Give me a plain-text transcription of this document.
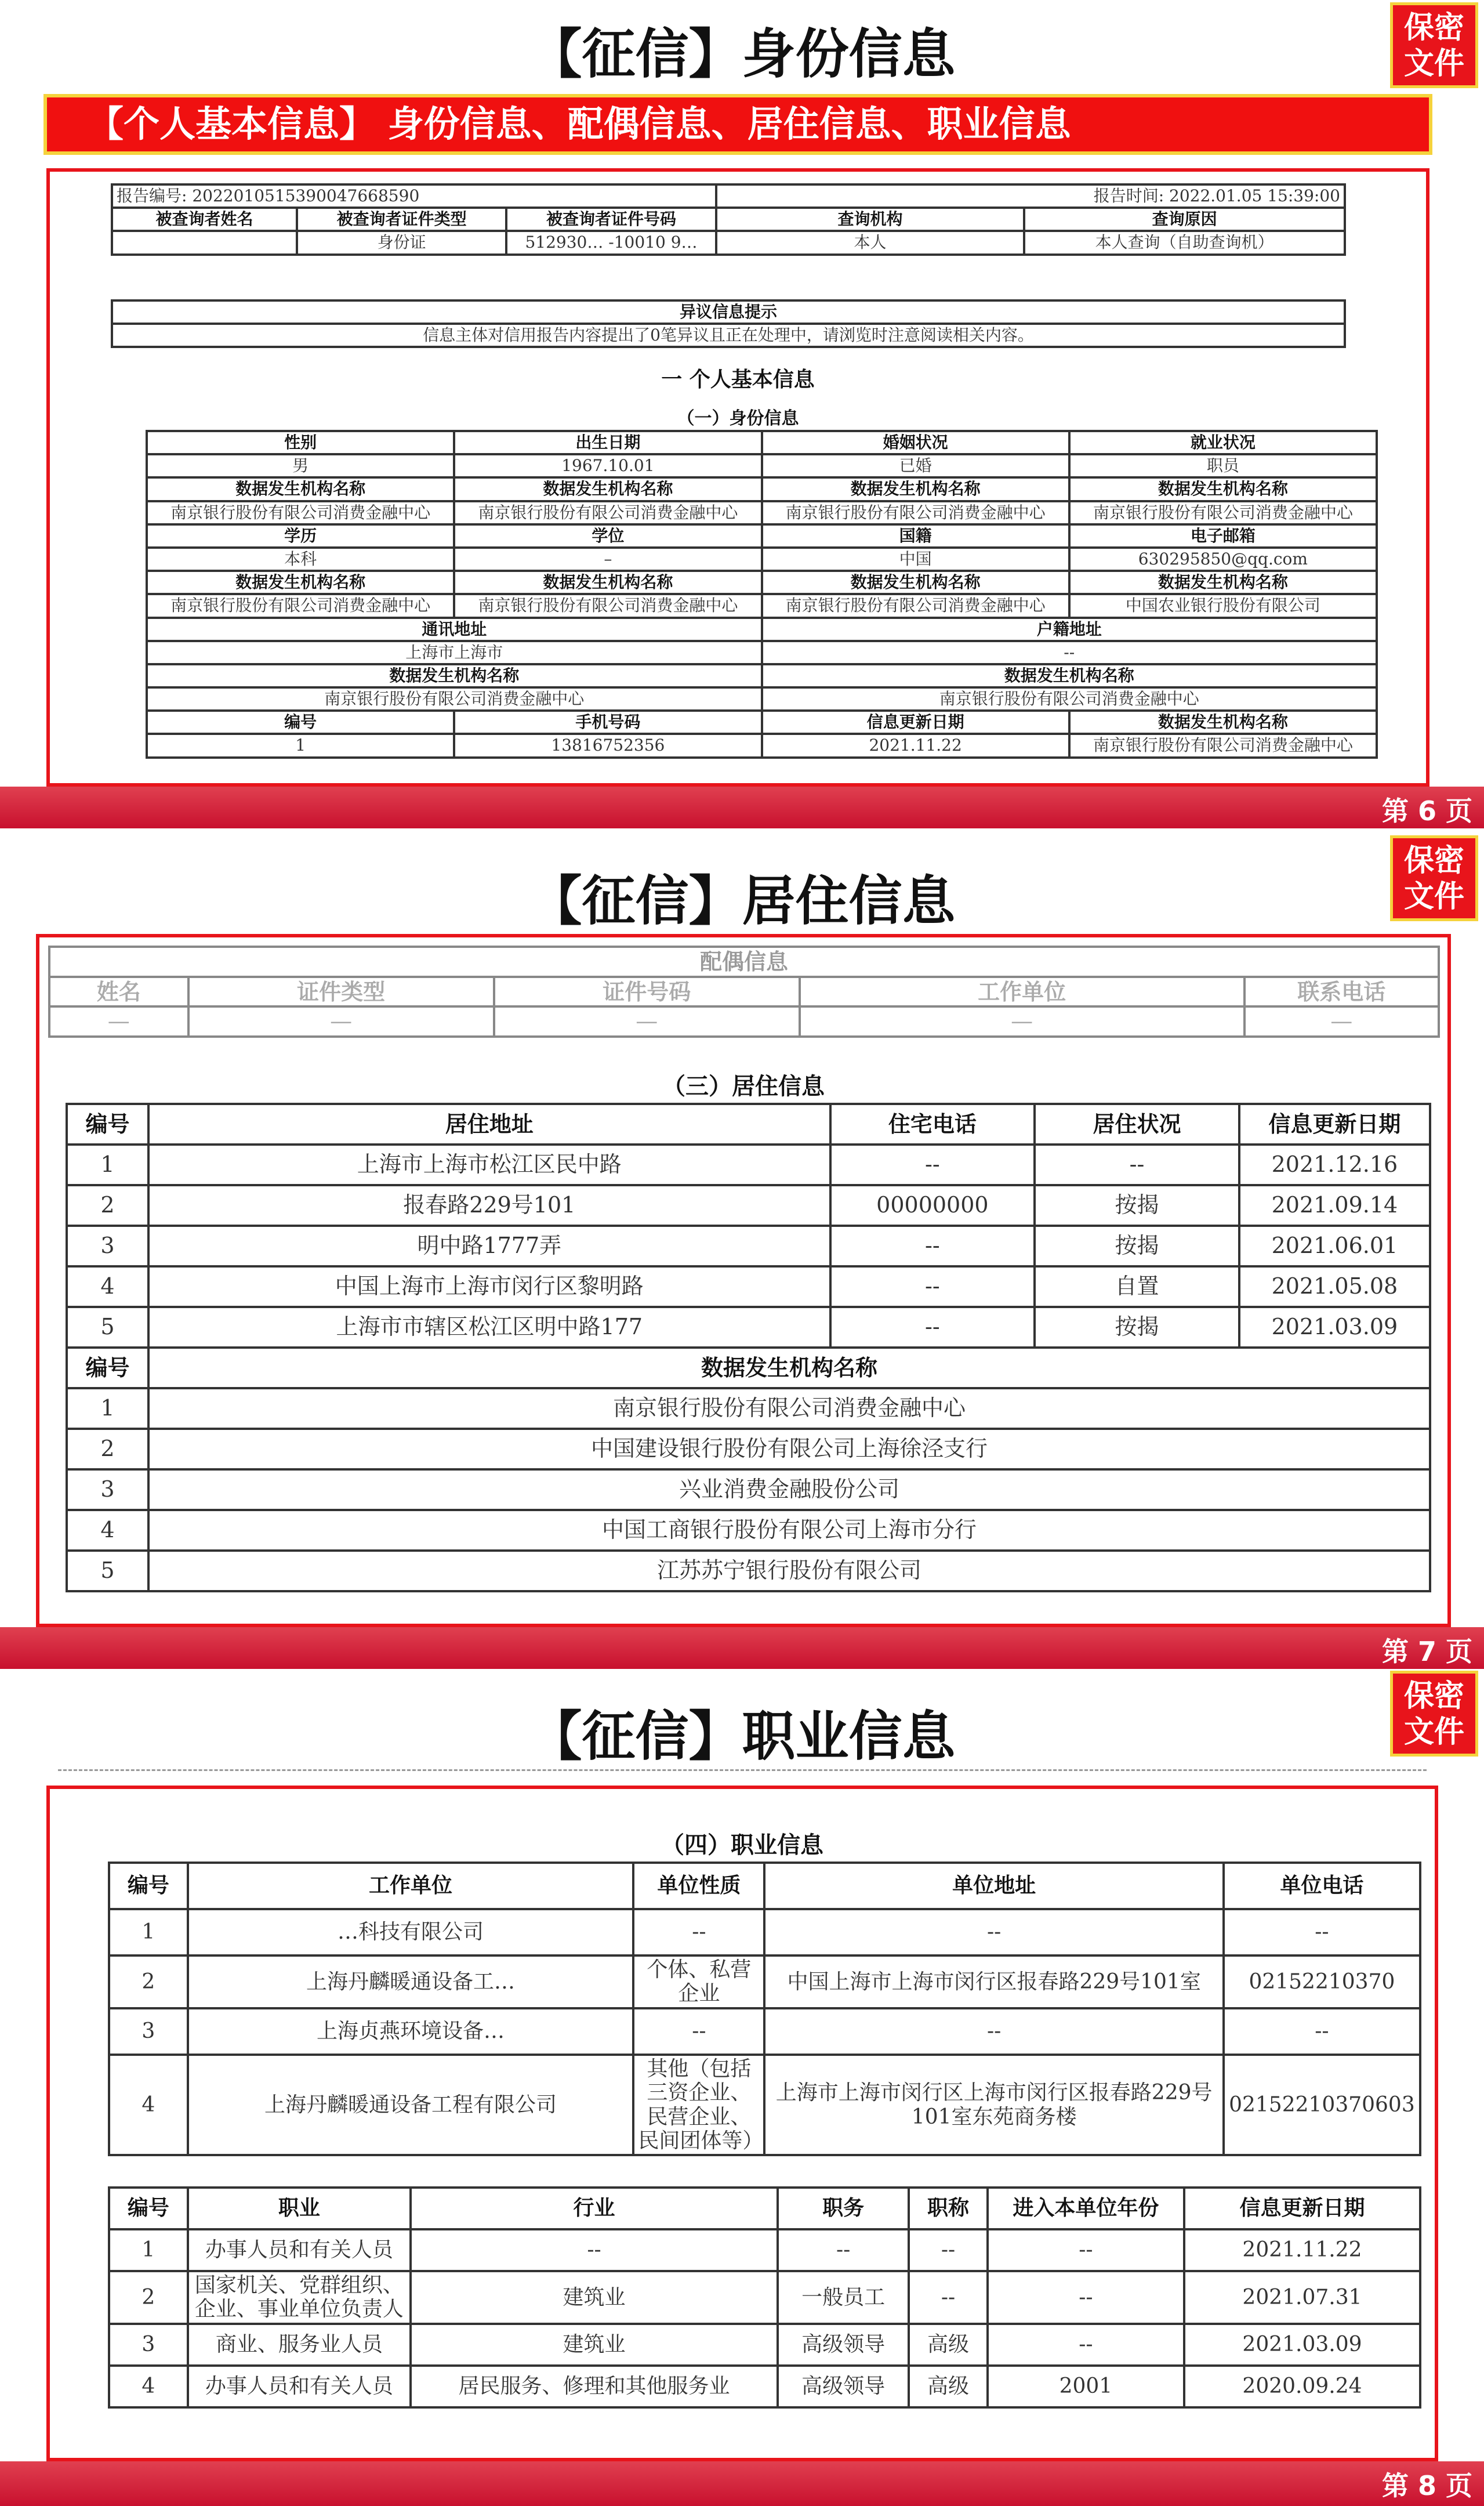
【征信】身份信息	保密文件
【个人基本信息】 身份信息、配偶信息、居住信息、职业信息
报告编号: 2022010515390047668590			报告时间: 2022.01.05 15:39:00	

被查询者姓名	被查询者证件类型	被查询者证件号码	查询机构	查询原因
	身份证	512930… -10010 9…	本人	本人查询（自助查询机）
异议信息提示
信息主体对信用报告内容提出了0笔异议且正在处理中，请浏览时注意阅读相关内容。
一 个人基本信息
（一）身份信息
性别	出生日期	婚姻状况	就业状况
男	1967.10.01	已婚	职员
数据发生机构名称	数据发生机构名称	数据发生机构名称	数据发生机构名称
南京银行股份有限公司消费金融中心	南京银行股份有限公司消费金融中心	南京银行股份有限公司消费金融中心	南京银行股份有限公司消费金融中心
学历	学位	国籍	电子邮箱
本科	–	中国	630295850@qq.com
数据发生机构名称	数据发生机构名称	数据发生机构名称	数据发生机构名称
南京银行股份有限公司消费金融中心	南京银行股份有限公司消费金融中心	南京银行股份有限公司消费金融中心	中国农业银行股份有限公司
通讯地址		户籍地址	
上海市上海市		--	
数据发生机构名称		数据发生机构名称	
南京银行股份有限公司消费金融中心		南京银行股份有限公司消费金融中心	
编号	手机号码	信息更新日期	数据发生机构名称
1	13816752356	2021.11.22	南京银行股份有限公司消费金融中心
第 6 页
【征信】居住信息
保密文件
配偶信息				
姓名	证件类型	证件号码	工作单位	联系电话
—	—	—	—	—
（三）居住信息
编号	居住地址	住宅电话	居住状况	信息更新日期
1	上海市上海市松江区民中路	--	--	2021.12.16
2	报春路229号101	00000000	按揭	2021.09.14
3	明中路1777弄	--	按揭	2021.06.01
4	中国上海市上海市闵行区黎明路	--	自置	2021.05.08
5	上海市市辖区松江区明中路177	--	按揭	2021.03.09
编号	数据发生机构名称			
1	南京银行股份有限公司消费金融中心			
2	中国建设银行股份有限公司上海徐泾支行			
3	兴业消费金融股份公司			
4	中国工商银行股份有限公司上海市分行			
5	江苏苏宁银行股份有限公司			
第 7 页
【征信】职业信息
保密文件
（四）职业信息
编号	工作单位	单位性质	单位地址	单位电话
1	…科技有限公司	--	--	--
2	上海丹麟暖通设备工…	个体、私营企业	中国上海市上海市闵行区报春路229号101室	02152210370
3	上海贞燕环境设备…	--	--	--
4	上海丹麟暖通设备工程有限公司	其他（包括三资企业、民营企业、民间团体等）	上海市上海市闵行区上海市闵行区报春路229号101室东苑商务楼	02152210370603
编号	职业	行业	职务	职称	进入本单位年份	信息更新日期
1	办事人员和有关人员	--	--	--	--	2021.11.22
2	国家机关、党群组织、企业、事业单位负责人	建筑业	一般员工	--	--	2021.07.31
3	商业、服务业人员	建筑业	高级领导	高级	--	2021.03.09
4	办事人员和有关人员	居民服务、修理和其他服务业	高级领导	高级	2001	2020.09.24
第 8 页
